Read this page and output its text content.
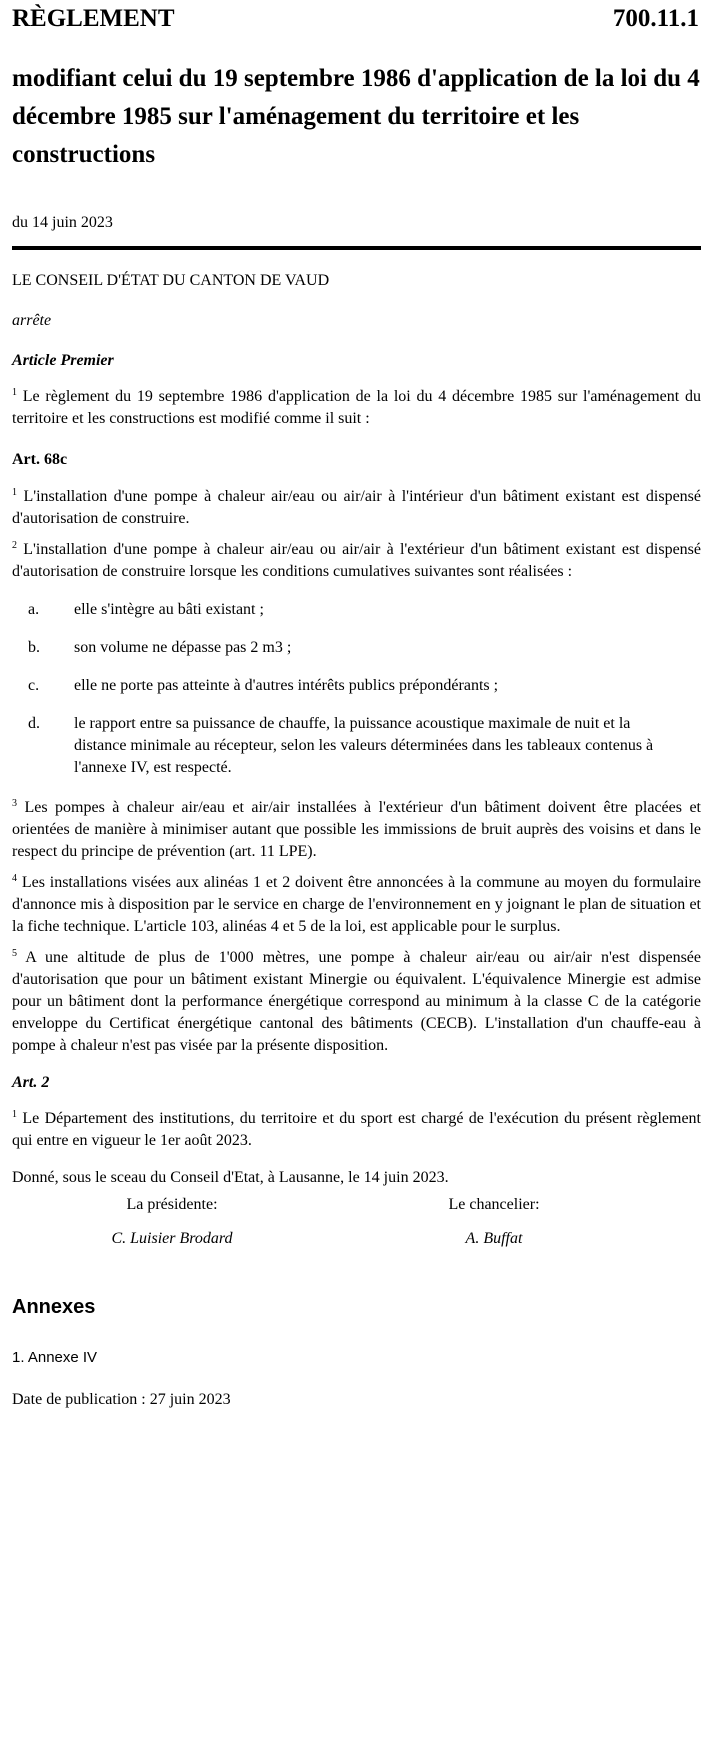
RÈGLEMENT	700.11.1
modifiant celui du 19 septembre 1986 d'application de la loi du 4 décembre 1985 sur l'aménagement du territoire et les constructions
du 14 juin 2023
LE CONSEIL D'ÉTAT DU CANTON DE VAUD
arrête
Article Premier

$^1$ Le règlement du 19 septembre 1986 d'application de la loi du 4 décembre 1985 sur l'aménagement du territoire et les constructions est modifié comme il suit :

Art. 68c

$^1$ L'installation d'une pompe à chaleur air/eau ou air/air à l'intérieur d'un bâtiment existant est dispensé d'autorisation de construire.

$^2$ L'installation d'une pompe à chaleur air/eau ou air/air à l'extérieur d'un bâtiment existant est dispensé d'autorisation de construire lorsque les conditions cumulatives suivantes sont réalisées :

a.	elle s'intègre au bâti existant ;
b.	son volume ne dépasse pas 2 m3 ;
c.	elle ne porte pas atteinte à d'autres intérêts publics prépondérants ;
d.	le rapport entre sa puissance de chauffe, la puissance acoustique maximale de nuit et la distance minimale au récepteur, selon les valeurs déterminées dans les tableaux contenus à l'annexe IV, est respecté.

$^3$ Les pompes à chaleur air/eau et air/air installées à l'extérieur d'un bâtiment doivent être placées et orientées de manière à minimiser autant que possible les immissions de bruit auprès des voisins et dans le respect du principe de prévention (art. 11 LPE).

$^4$ Les installations visées aux alinéas 1 et 2 doivent être annoncées à la commune au moyen du formulaire d'annonce mis à disposition par le service en charge de l'environnement en y joignant le plan de situation et la fiche technique. L'article 103, alinéas 4 et 5 de la loi, est applicable pour le surplus.

$^5$ A une altitude de plus de 1'000 mètres, une pompe à chaleur air/eau ou air/air n'est dispensée d'autorisation que pour un bâtiment existant Minergie ou équivalent. L'équivalence Minergie est admise pour un bâtiment dont la performance énergétique correspond au minimum à la classe C de la catégorie enveloppe du Certificat énergétique cantonal des bâtiments (CECB). L'installation d'un chauffe-eau à pompe à chaleur n'est pas visée par la présente disposition.

Art. 2

$^1$ Le Département des institutions, du territoire et du sport est chargé de l'exécution du présent règlement qui entre en vigueur le 1er août 2023.

Donné, sous le sceau du Conseil d'Etat, à Lausanne, le 14 juin 2023.

La présidente:
C. Luisier Brodard
Le chancelier:
A. Buffat
Annexes
1. Annexe IV
Date de publication : 27 juin 2023
